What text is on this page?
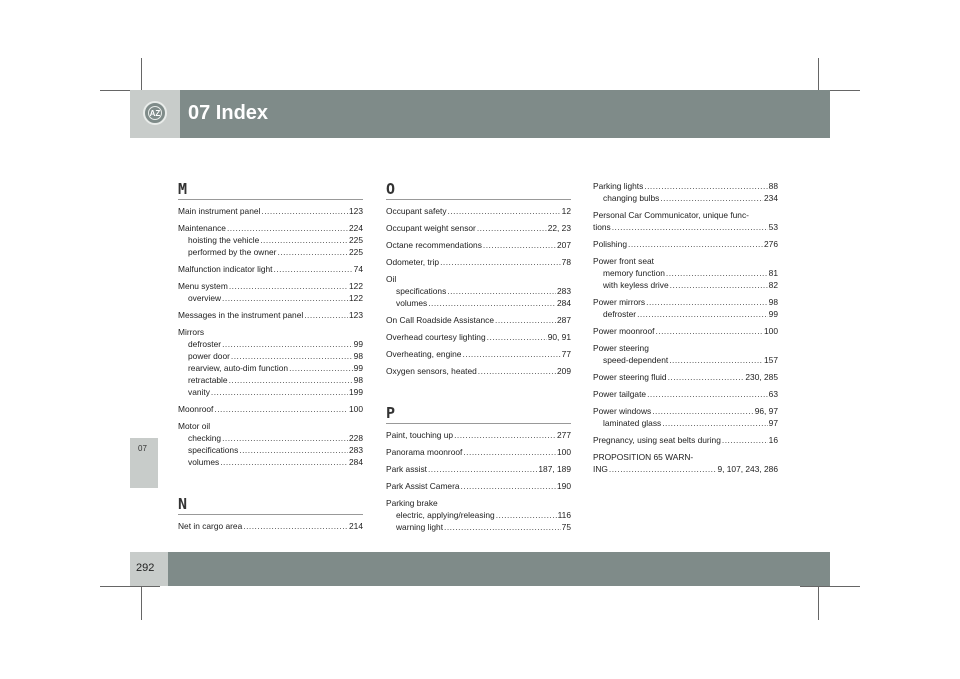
AZ 07 Index
07
292
M
Main instrument panel .....	123
Maintenance .....	224
hoisting the vehicle .....	225
performed by the owner .....	225
Malfunction indicator light .....	74
Menu system .....	122
overview .....	122
Messages in the instrument panel .....	123
Mirrors
defroster .....	99
power door .....	98
rearview, auto-dim function .....	99
retractable .....	98
vanity .....	199
Moonroof .....	100
Motor oil
checking .....	228
specifications .....	283
volumes .....	284
N
Net in cargo area .....	214
O
Occupant safety .....	12
Occupant weight sensor .....	22, 23
Octane recommendations .....	207
Odometer, trip .....	78
Oil
specifications .....	283
volumes .....	284
On Call Roadside Assistance .....	287
Overhead courtesy lighting .....	90, 91
Overheating, engine .....	77
Oxygen sensors, heated .....	209
P
Paint, touching up .....	277
Panorama moonroof .....	100
Park assist .....	187, 189
Park Assist Camera .....	190
Parking brake
electric, applying/releasing .....	116
warning light .....	75
Parking lights .....	88
changing bulbs .....	234
Personal Car Communicator, unique func-
tions .....	53
Polishing .....	276
Power front seat
memory function .....	81
with keyless drive .....	82
Power mirrors .....	98
defroster .....	99
Power moonroof .....	100
Power steering
speed-dependent .....	157
Power steering fluid .....	230, 285
Power tailgate .....	63
Power windows .....	96, 97
laminated glass .....	97
Pregnancy, using seat belts during .....	16
PROPOSITION 65 WARN-
ING .....	9, 107, 243, 286
